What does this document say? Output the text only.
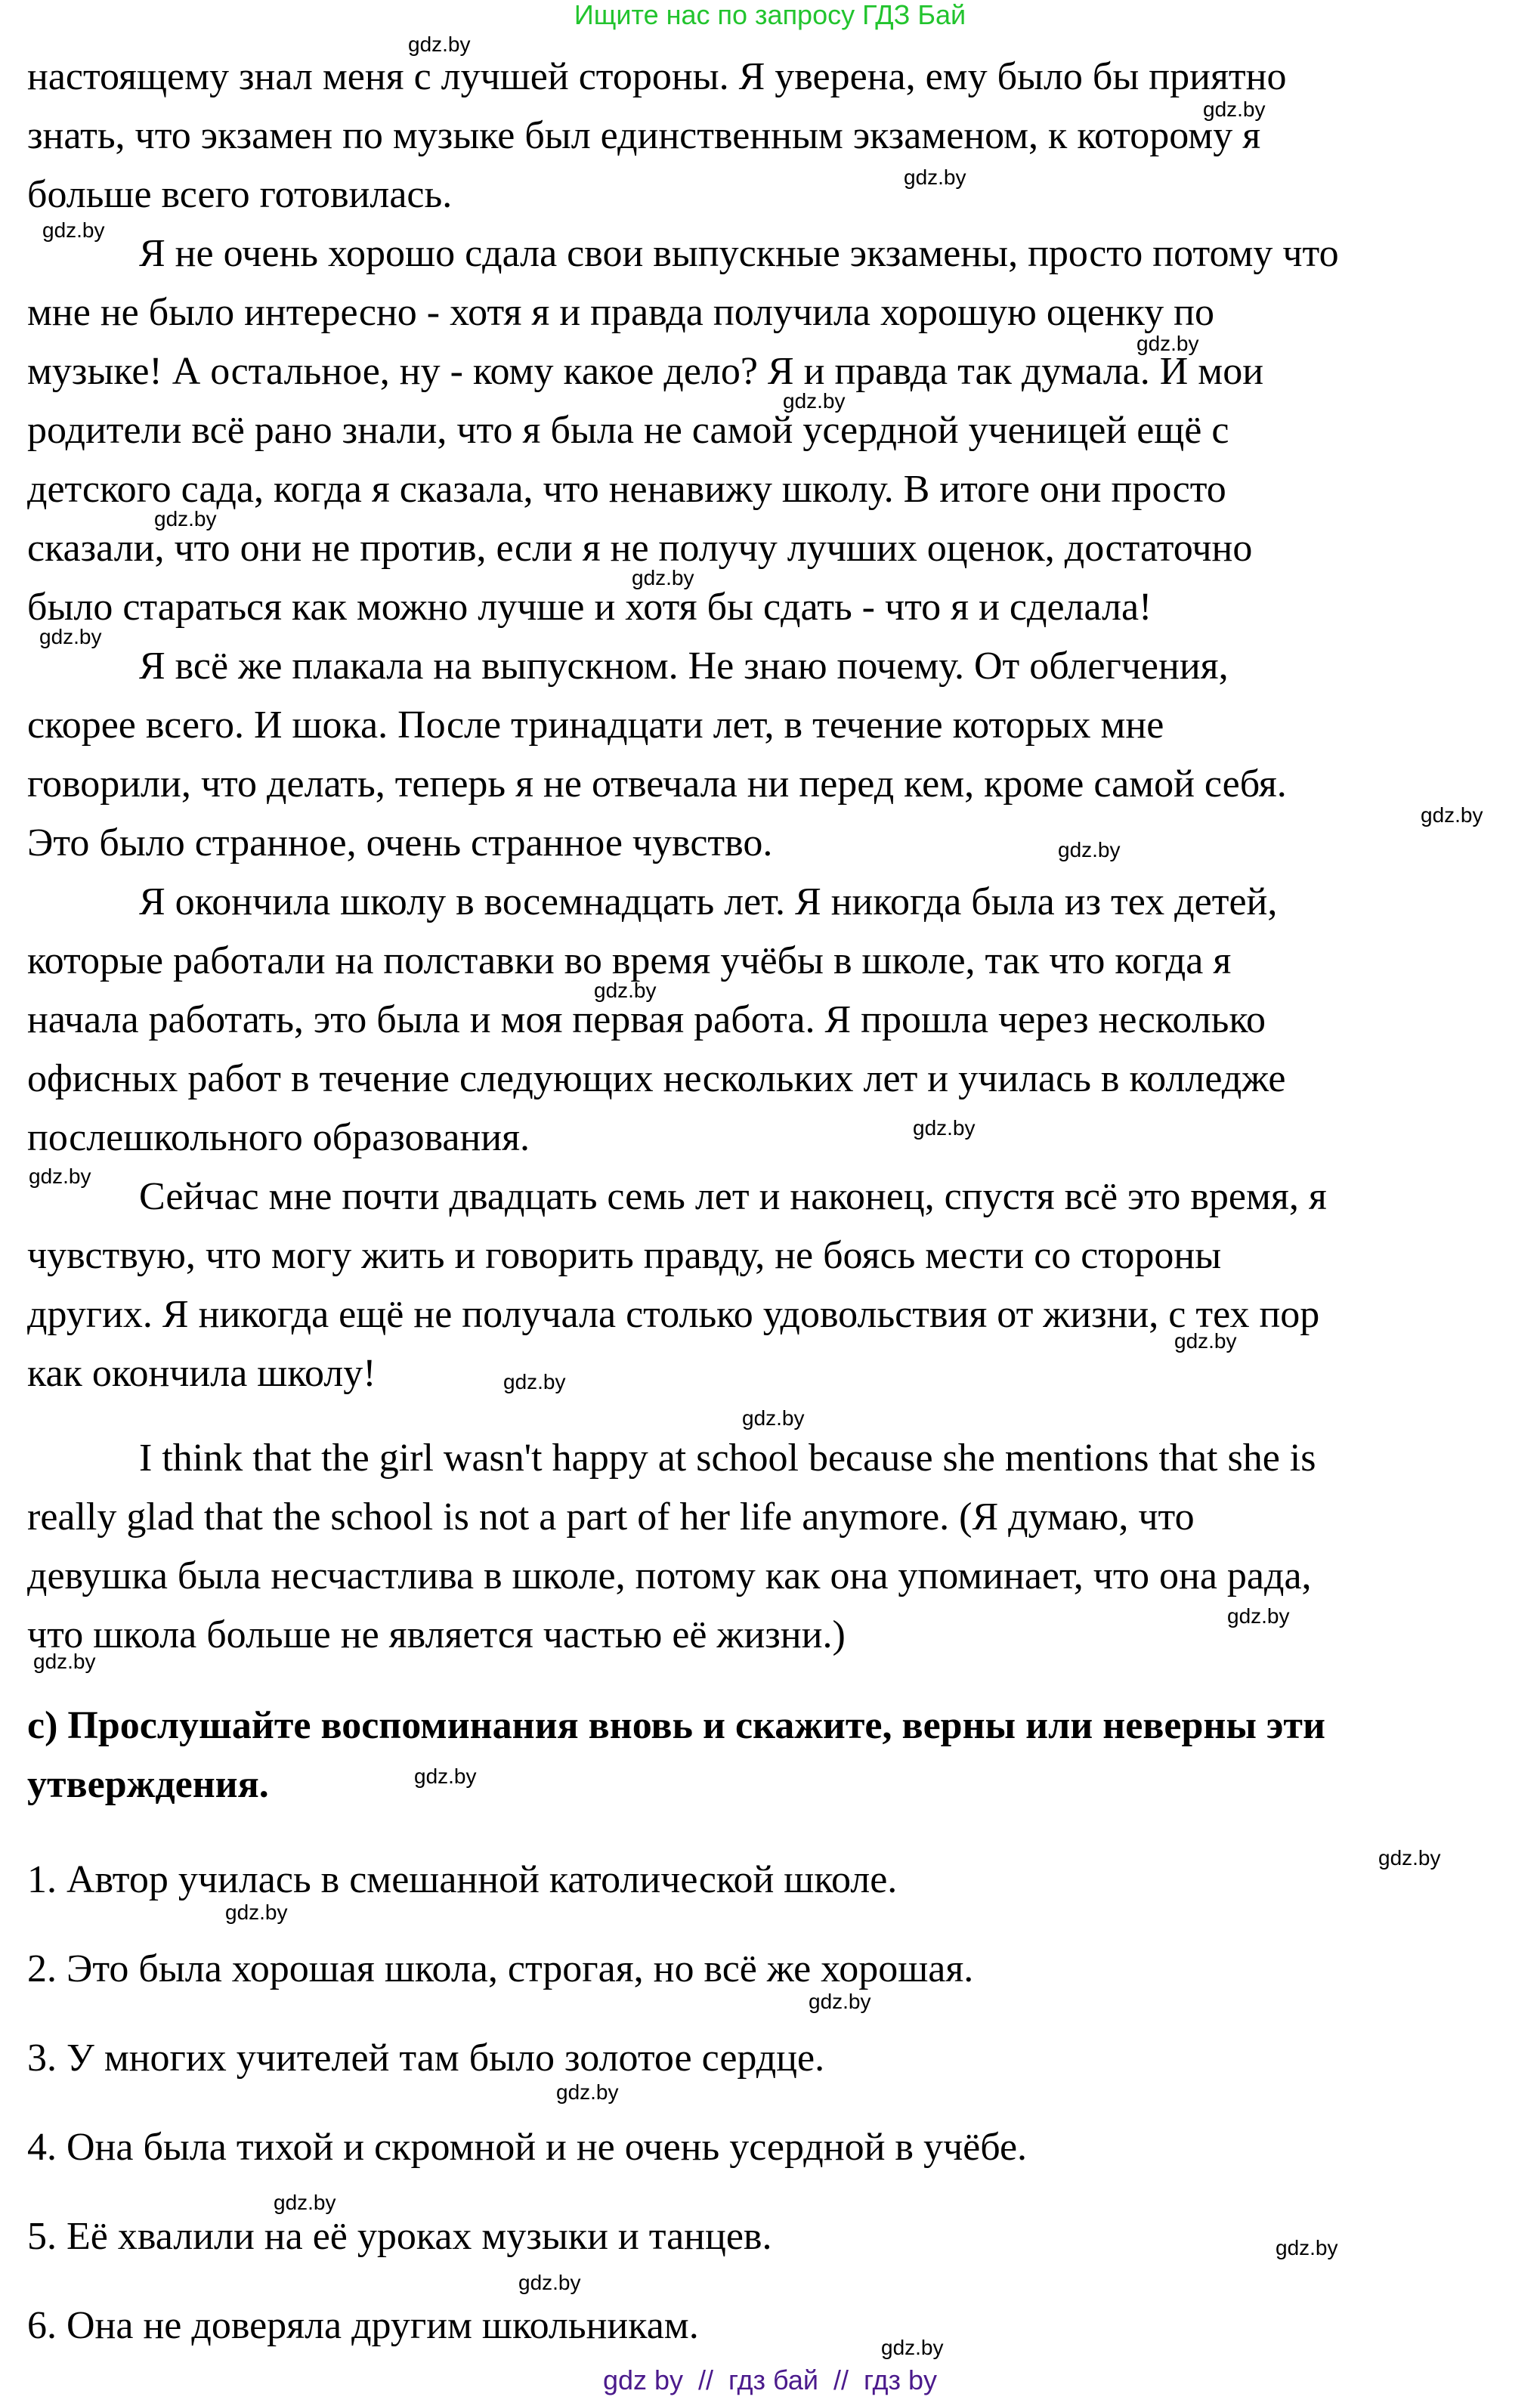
Ищите нас по запросу ГДЗ Бай
настоящему знал меня с лучшей стороны. Я уверена, ему было бы приятно
знать, что экзамен по музыке был единственным экзаменом, к которому я
больше всего готовилась.
Я не очень хорошо сдала свои выпускные экзамены, просто потому что
мне не было интересно - хотя я и правда получила хорошую оценку по
музыке! А остальное, ну - кому какое дело? Я и правда так думала. И мои
родители всё рано знали, что я была не самой усердной ученицей ещё с
детского сада, когда я сказала, что ненавижу школу. В итоге они просто
сказали, что они не против, если я не получу лучших оценок, достаточно
было стараться как можно лучше и хотя бы сдать - что я и сделала!
Я всё же плакала на выпускном. Не знаю почему. От облегчения,
скорее всего. И шока. После тринадцати лет, в течение которых мне
говорили, что делать, теперь я не отвечала ни перед кем, кроме самой себя.
Это было странное, очень странное чувство.
Я окончила школу в восемнадцать лет. Я никогда была из тех детей,
которые работали на полставки во время учёбы в школе, так что когда я
начала работать, это была и моя первая работа. Я прошла через несколько
офисных работ в течение следующих нескольких лет и училась в колледже
послешкольного образования.
Сейчас мне почти двадцать семь лет и наконец, спустя всё это время, я
чувствую, что могу жить и говорить правду, не боясь мести со стороны
других. Я никогда ещё не получала столько удовольствия от жизни, с тех пор
как окончила школу!
I think that the girl wasn't happy at school because she mentions that she is
really glad that the school is not a part of her life anymore. (Я думаю, что
девушка была несчастлива в школе, потому как она упоминает, что она рада,
что школа больше не является частью её жизни.)
c) Прослушайте воспоминания вновь и скажите, верны или неверны эти
утверждения.
1. Автор училась в смешанной католической школе.
2. Это была хорошая школа, строгая, но всё же хорошая.
3. У многих учителей там было золотое сердце.
4. Она была тихой и скромной и не очень усердной в учёбе.
5. Её хвалили на её уроках музыки и танцев.
6. Она не доверяла другим школьникам.
gdz.by
gdz.by
gdz.by
gdz.by
gdz.by
gdz.by
gdz.by
gdz.by
gdz.by
gdz.by
gdz.by
gdz.by
gdz.by
gdz.by
gdz.by
gdz.by
gdz.by
gdz.by
gdz.by
gdz.by
gdz.by
gdz.by
gdz.by
gdz.by
gdz.by
gdz.by
gdz.by
gdz.by
gdz by  //  гдз бай  //  гдз by
